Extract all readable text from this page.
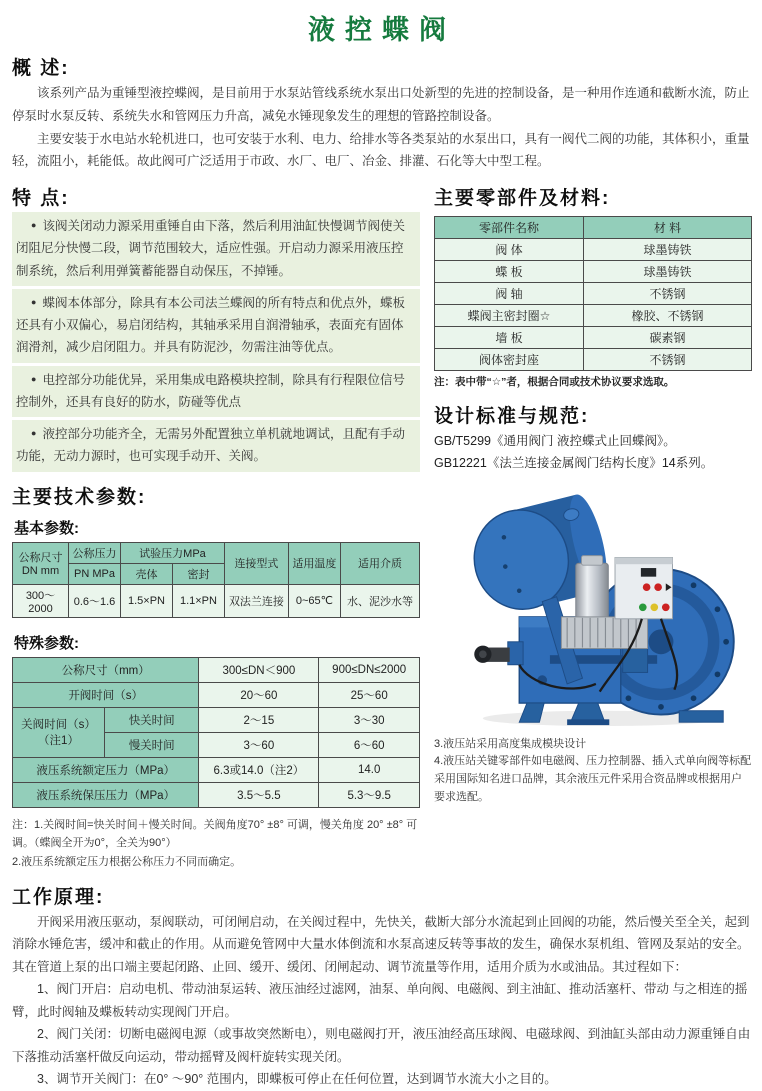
液控蝶阀
概 述:

该系列产品为重锤型液控蝶阀，是目前用于水泵站管线系统水泵出口处新型的先进的控制设备，是一种用作连通和截断水流，防止停泵时水泵反转、系统失水和管网压力升高，减免水锤现象发生的理想的管路控制设备。

主要安装于水电站水轮机进口，也可安装于水利、电力、给排水等各类泵站的水泵出口，具有一阀代二阀的功能，其体积小，重量轻，流阻小，耗能低。故此阀可广泛适用于市政、水厂、电厂、冶金、排灌、石化等大中型工程。

特 点:
● 该阀关闭动力源采用重锤自由下落，然后利用油缸快慢调节阀使关闭阻尼分快慢二段，调节范围较大，适应性强。开启动力源采用液压控制系统，然后利用弹簧蓄能器自动保压，不掉锤。
● 蝶阀本体部分，除具有本公司法兰蝶阀的所有特点和优点外，蝶板还具有小双偏心，易启闭结构，其轴承采用自润滑轴承，表面充有固体润滑剂，减少启闭阻力。并具有防泥沙，勿需注油等优点。
● 电控部分功能优异，采用集成电路模块控制，除具有行程限位信号控制外，还具有良好的防水，防碰等优点
● 液控部分功能齐全，无需另外配置独立单机就地调试，且配有手动功能，无动力源时，也可实现手动开、关阀。
主要技术参数:
基本参数:
公称尺寸
DN mm	公称压力	试验压力MPa		连接型式	适用温度	适用介质
	PN MPa	壳体	密封			
300～2000	0.6～1.6	1.5×PN	1.1×PN	双法兰连接	0~65℃	水、泥沙水等
特殊参数:
公称尺寸（mm）		300≤DN＜900	900≤DN≤2000
开阀时间（s）		20～60	25～60
关阀时间（s）
（注1）	快关时间	2～15	3～30
	慢关时间	3～60	6～60
液压系统额定压力（MPa）		6.3或14.0（注2）	14.0
液压系统保压压力（MPa）		3.5～5.5	5.3～9.5
注：1.关阀时间=快关时间＋慢关时间。关阀角度70° ±8° 可调，慢关角度 20° ±8° 可调。（蝶阀全开为0°，全关为90°）
2.液压系统额定压力根据公称压力不同而确定。
主要零部件及材料:
零部件名称	材 料
阀 体	球墨铸铁
蝶 板	球墨铸铁
阀 轴	不锈钢
蝶阀主密封圈☆	橡胶、不锈钢
墙 板	碳素钢
阀体密封座	不锈钢
注：表中带“☆”者，根据合同或技术协议要求选取。
设计标准与规范:
GB/T5299《通用阀门 液控蝶式止回蝶阀》。
GB12221《法兰连接金属阀门结构长度》14系列。
3.液压站采用高度集成模块设计
4.液压站关键零部件如电磁阀、压力控制器、插入式单向阀等标配采用国际知名进口品牌，其余液压元件采用合资品牌或根据用户要求选配。
工作原理:

开阀采用液压驱动，泵阀联动，可闭闸启动，在关阀过程中，先快关，截断大部分水流起到止回阀的功能，然后慢关至全关，起到消除水锤危害，缓冲和截止的作用。从而避免管网中大量水体倒流和水泵高速反转等事故的发生，确保水泵机组、管网及泵站的安全。其在管道上泵的出口端主要起闭路、止回、缓开、缓闭、闭闸起动、调节流量等作用，适用介质为水或油品。其过程如下：

1、阀门开启：启动电机、带动油泵运转、液压油经过滤网，油泵、单向阀、电磁阀、到主油缸、推动活塞杆、带动 与之相连的摇臂，此时阀轴及蝶板转动实现阀门开启。

2、阀门关闭：切断电磁阀电源（或事故突然断电），则电磁阀打开，液压油经高压球阀、电磁球阀、到油缸头部由动力源重锤自由下落推动活塞杆做反向运动，带动摇臂及阀杆旋转实现关闭。

3、调节开关阀门：在0° ～90° 范围内，即蝶板可停止在任何位置，达到调节水流大小之目的。
